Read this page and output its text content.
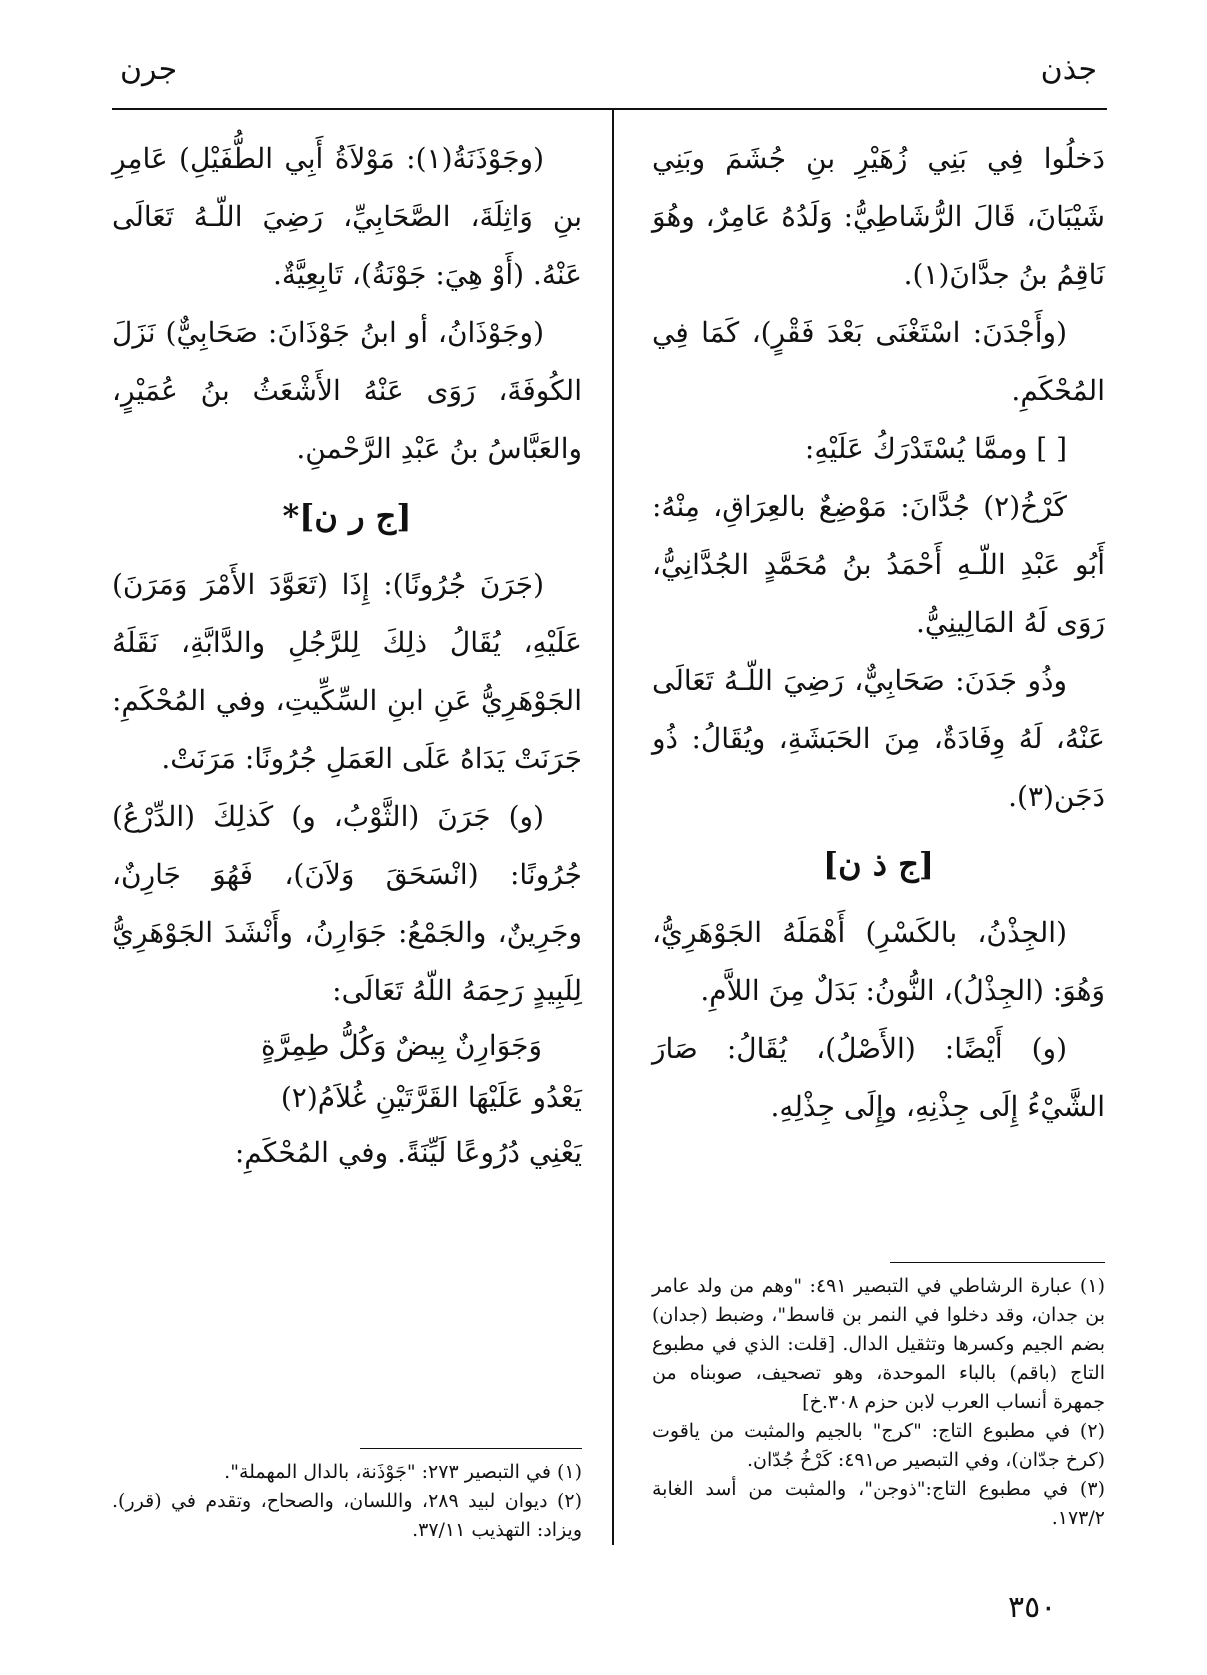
جذن
جرن

دَخلُوا فِي بَنِي زُهَيْرِ بنِ جُشَمَ وبَنِي شَيْبَانَ، قَالَ الرُّشَاطِيُّ: وَلَدُهُ عَامِرٌ، وهُوَ نَاقِمُ بنُ جدَّانَ(١).

(وأَجْدَنَ: اسْتَغْنَى بَعْدَ فَقْرٍ)، كَمَا فِي المُحْكَمِ.

[ ] وممَّا يُسْتَدْرَكُ عَلَيْهِ:

كَرْخُ(٢) جُدَّانَ: مَوْضِعٌ بالعِرَاقِ، مِنْهُ: أَبُو عَبْدِ اللّـهِ أَحْمَدُ بنُ مُحَمَّدٍ الجُدَّانِيُّ، رَوَى لَهُ المَالِينِيُّ.

وذُو جَدَنَ: صَحَابِيٌّ، رَضِيَ اللّـهُ تَعَالَى عَنْهُ، لَهُ وِفَادَةٌ، مِنَ الحَبَشَةِ، ويُقَالُ: ذُو دَجَن(٣).

[ج ذ ن]

(الجِذْنُ، بالكَسْرِ) أَهْمَلَهُ الجَوْهَرِيُّ، وَهُوَ: (الجِذْلُ)، النُّونُ: بَدَلٌ مِنَ اللاَّمِ.

(و) أَيْضًا: (الأَصْلُ)، يُقَالُ: صَارَ الشَّيْءُ إِلَى جِذْنِهِ، وإِلَى جِذْلِهِ.

(وجَوْذَنَةُ(١): مَوْلاَةُ أَبِي الطُّفَيْلِ) عَامِرِ بنِ وَاثِلَةَ، الصَّحَابِيِّ، رَضِيَ اللّـهُ تَعَالَى عَنْهُ. (أَوْ هِيَ: جَوْنَةُ)، تَابِعِيَّةٌ.

(وجَوْذَانُ، أو ابنُ جَوْذَانَ: صَحَابِيٌّ) نَزَلَ الكُوفَةَ، رَوَى عَنْهُ الأَشْعَثُ بنُ عُمَيْرٍ، والعَبَّاسُ بنُ عَبْدِ الرَّحْمنِ.

[ج ر ن]*

(جَرَنَ جُرُونًا): إِذَا (تَعَوَّدَ الأَمْرَ وَمَرَنَ) عَلَيْهِ، يُقَالُ ذلِكَ لِلرَّجُلِ والدَّابَّةِ، نَقَلَهُ الجَوْهَرِيُّ عَنِ ابنِ السِّكِّيتِ، وفي المُحْكَمِ: جَرَنَتْ يَدَاهُ عَلَى العَمَلِ جُرُونًا: مَرَنَتْ.

(و) جَرَنَ (الثَّوْبُ، و) كَذلِكَ (الدِّرْعُ) جُرُونًا: (انْسَحَقَ وَلاَنَ)، فَهُوَ جَارِنٌ، وجَرِينٌ، والجَمْعُ: جَوَارِنُ، وأَنْشَدَ الجَوْهَرِيُّ لِلَبِيدٍ رَحِمَهُ اللّهُ تَعَالَى:

وَجَوَارِنٌ بِيضٌ وَكُلُّ طِمِرَّةٍ

يَعْدُو عَلَيْهَا القَرَّتَيْنِ غُلاَمُ(٢)

يَعْنِي دُرُوعًا لَيِّنَةً. وفي المُحْكَمِ:

(١) عبارة الرشاطي في التبصير ٤٩١: "وهم من ولد عامر بن جدان، وقد دخلوا في النمر بن قاسط"، وضبط (جدان) بضم الجيم وكسرها وتثقيل الدال. [قلت: الذي في مطبوع التاج (باقم) بالباء الموحدة، وهو تصحيف، صوبناه من جمهرة أنساب العرب لابن حزم ٣٠٨.خ]

(٢) في مطبوع التاج: "كرج" بالجيم والمثبت من ياقوت (كرخ جدّان)، وفي التبصير ص٤٩١: كَرْخُ جُدّان.

(٣) في مطبوع التاج:"ذوجن"، والمثبت من أسد الغابة ١٧٣/٢.

(١) في التبصير ٢٧٣: "جَوْذَنة، بالدال المهملة".

(٢) ديوان لبيد ٢٨٩، واللسان، والصحاح، وتقدم في (قرر). ويزاد: التهذيب ٣٧/١١.

٣٥٠
